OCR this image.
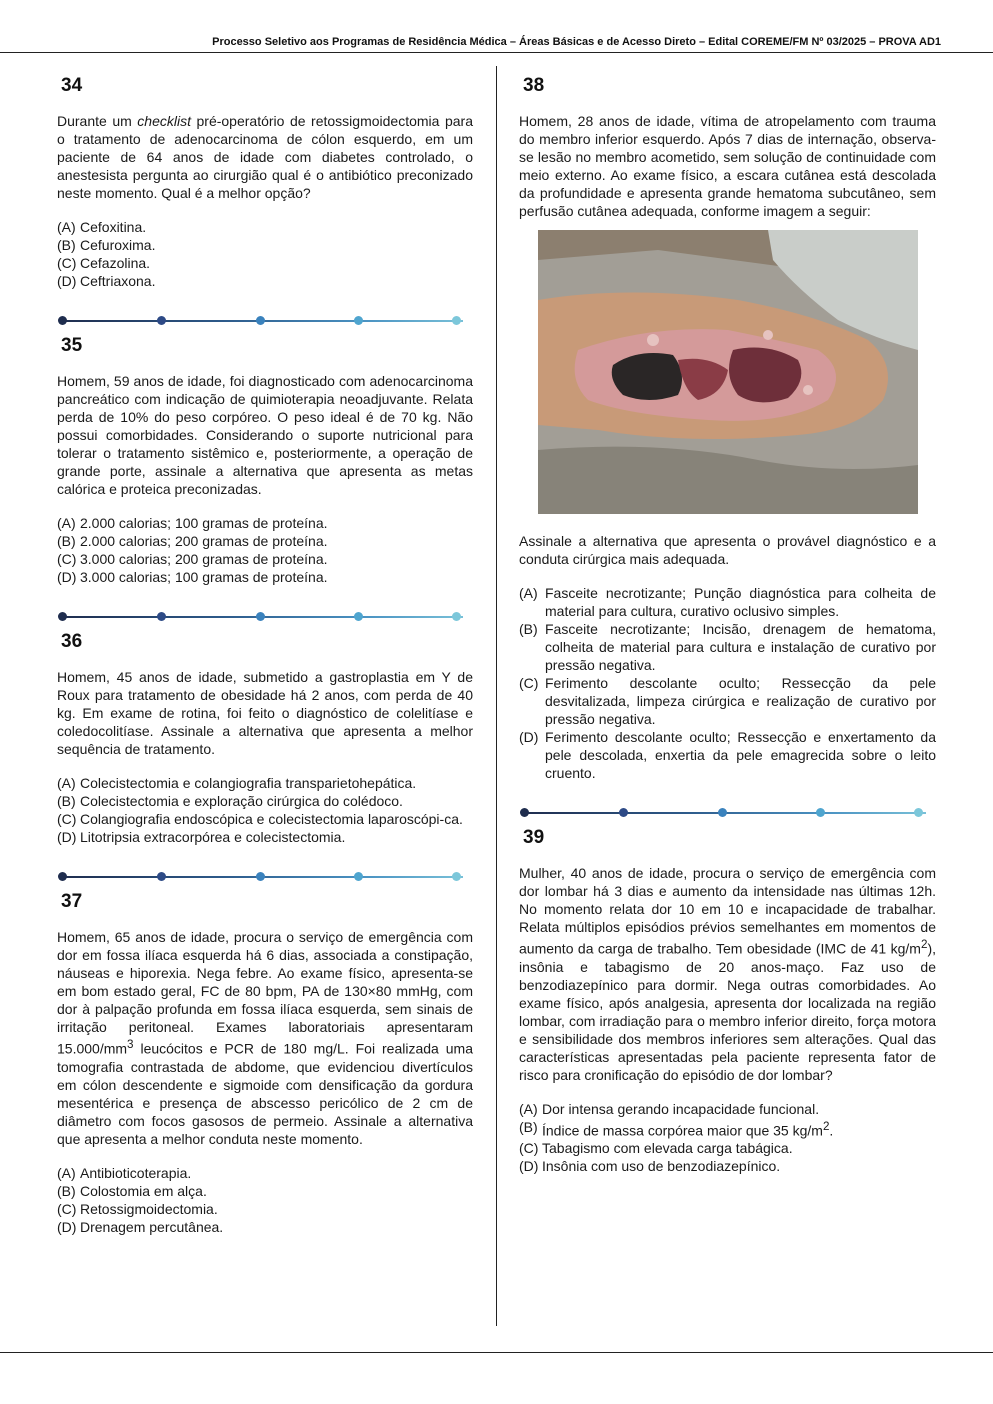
Processo Seletivo aos Programas de Residência Médica – Áreas Básicas e de Acesso Direto – Edital COREME/FM Nº 03/2025 – PROVA AD1
34

Durante um checklist pré-operatório de retossigmoidectomia para o tratamento de adenocarcinoma de cólon esquerdo, em um paciente de 64 anos de idade com diabetes controlado, o anestesista pergunta ao cirurgião qual é o antibiótico preconizado neste momento. Qual é a melhor opção?

(A) Cefoxitina.
(B) Cefuroxima.
(C) Cefazolina.
(D) Ceftriaxona.
35

Homem, 59 anos de idade, foi diagnosticado com adenocarcinoma pancreático com indicação de quimioterapia neoadjuvante. Relata perda de 10% do peso corpóreo. O peso ideal é de 70 kg. Não possui comorbidades. Considerando o suporte nutricional para tolerar o tratamento sistêmico e, posteriormente, a operação de grande porte, assinale a alternativa que apresenta as metas calórica e proteica preconizadas.

(A) 2.000 calorias; 100 gramas de proteína.
(B) 2.000 calorias; 200 gramas de proteína.
(C) 3.000 calorias; 200 gramas de proteína.
(D) 3.000 calorias; 100 gramas de proteína.
36

Homem, 45 anos de idade, submetido a gastroplastia em Y de Roux para tratamento de obesidade há 2 anos, com perda de 40 kg. Em exame de rotina, foi feito o diagnóstico de colelitíase e coledocolitíase. Assinale a alternativa que apresenta a melhor sequência de tratamento.

(A) Colecistectomia e colangiografia transparietohepática.
(B) Colecistectomia e exploração cirúrgica do colédoco.
(C) Colangiografia endoscópica e colecistectomia laparoscópi-ca.
(D) Litotripsia extracorpórea e colecistectomia.
37

Homem, 65 anos de idade, procura o serviço de emergência com dor em fossa ilíaca esquerda há 6 dias, associada a constipação, náuseas e hiporexia. Nega febre. Ao exame físico, apresenta-se em bom estado geral, FC de 80 bpm, PA de 130×80 mmHg, com dor à palpação profunda em fossa ilíaca esquerda, sem sinais de irritação peritoneal. Exames laboratoriais apresentaram $15.000/mm^3$ leucócitos e PCR de 180 mg/L. Foi realizada uma tomografia contrastada de abdome, que evidenciou divertículos em cólon descendente e sigmoide com densificação da gordura mesentérica e presença de abscesso pericólico de 2 cm de diâmetro com focos gasosos de permeio. Assinale a alternativa que apresenta a melhor conduta neste momento.

(A) Antibioticoterapia.
(B) Colostomia em alça.
(C) Retossigmoidectomia.
(D) Drenagem percutânea.
38

Homem, 28 anos de idade, vítima de atropelamento com trauma do membro inferior esquerdo. Após 7 dias de internação, observa-se lesão no membro acometido, sem solução de continuidade com meio externo. Ao exame físico, a escara cutânea está descolada da profundidade e apresenta grande hematoma subcutâneo, sem perfusão cutânea adequada, conforme imagem a seguir:

Assinale a alternativa que apresenta o provável diagnóstico e a conduta cirúrgica mais adequada.

(A) Fasceite necrotizante; Punção diagnóstica para colheita de material para cultura, curativo oclusivo simples.
(B) Fasceite necrotizante; Incisão, drenagem de hematoma, colheita de material para cultura e instalação de curativo por pressão negativa.
(C) Ferimento descolante oculto; Ressecção da pele desvitalizada, limpeza cirúrgica e realização de curativo por pressão negativa.
(D) Ferimento descolante oculto; Ressecção e enxertamento da pele descolada, enxertia da pele emagrecida sobre o leito cruento.
39

Mulher, 40 anos de idade, procura o serviço de emergência com dor lombar há 3 dias e aumento da intensidade nas últimas 12h. No momento relata dor 10 em 10 e incapacidade de trabalhar. Relata múltiplos episódios prévios semelhantes em momentos de aumento da carga de trabalho. Tem obesidade (IMC de 41 $kg/m^2$), insônia e tabagismo de 20 anos-maço. Faz uso de benzodiazepínico para dormir. Nega outras comorbidades. Ao exame físico, após analgesia, apresenta dor localizada na região lombar, com irradiação para o membro inferior direito, força motora e sensibilidade dos membros inferiores sem alterações. Qual das características apresentadas pela paciente representa fator de risco para cronificação do episódio de dor lombar?

(A) Dor intensa gerando incapacidade funcional.
(B) Índice de massa corpórea maior que 35 $kg/m^2$.
(C) Tabagismo com elevada carga tabágica.
(D) Insônia com uso de benzodiazepínico.
